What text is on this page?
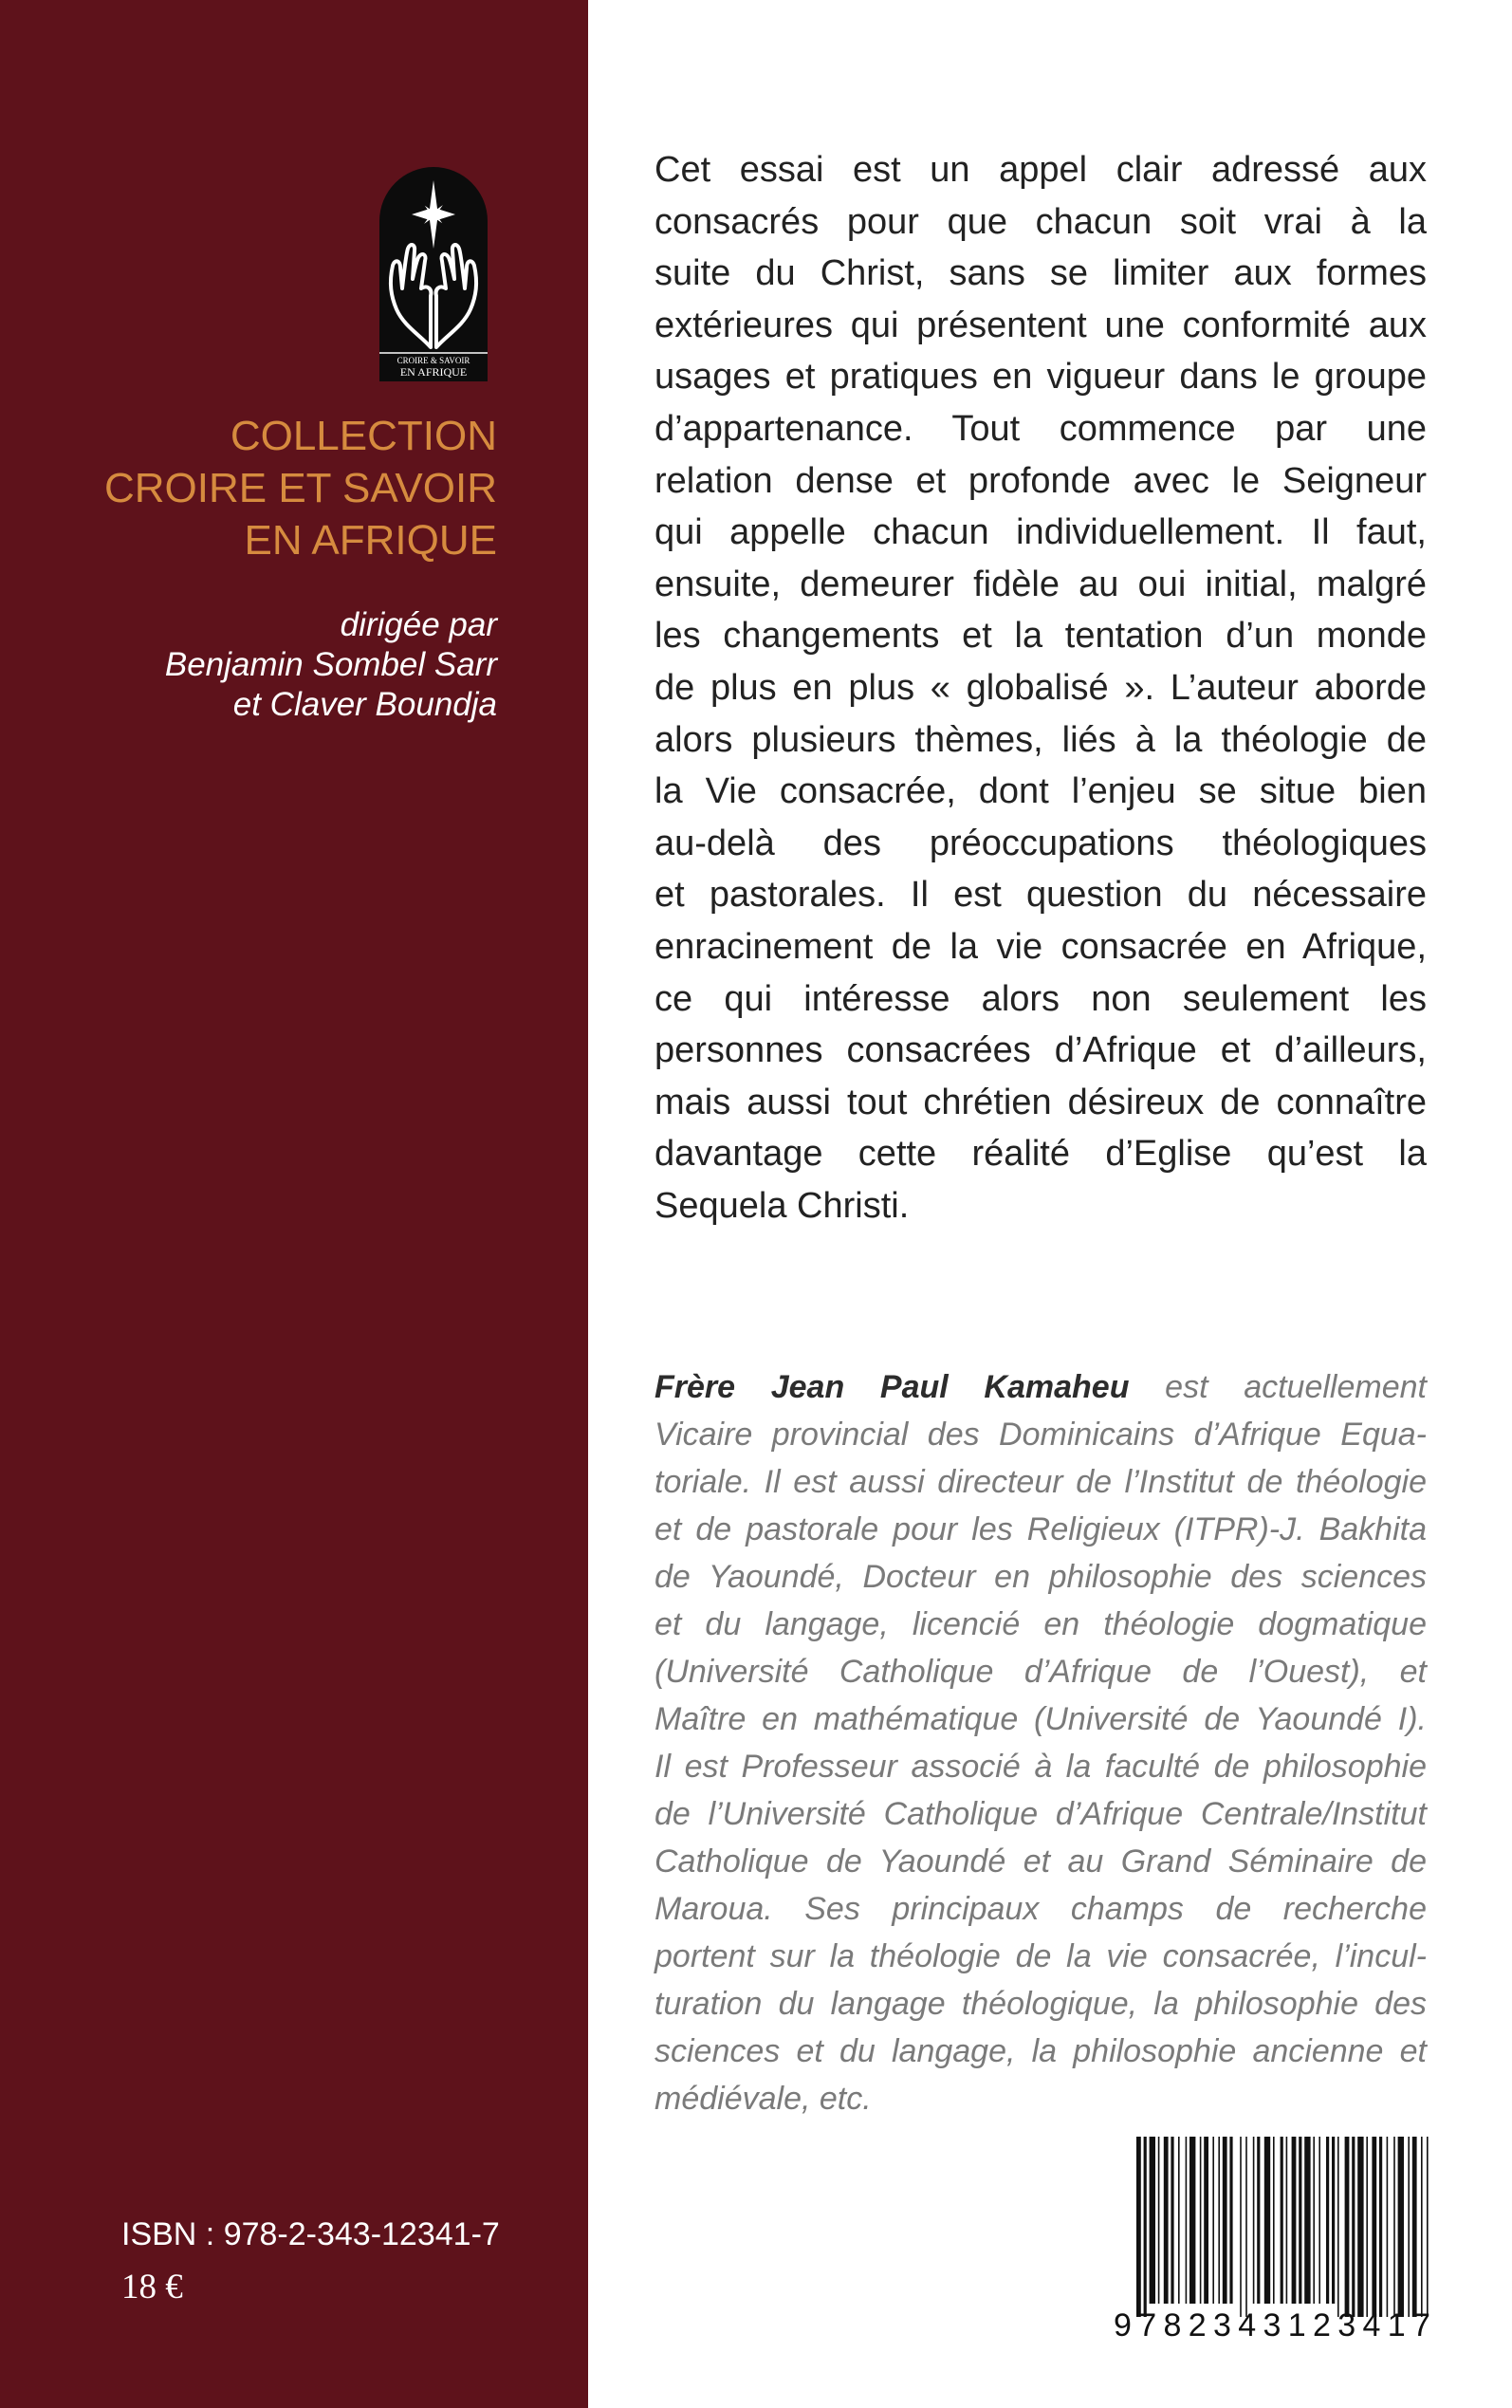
CROIRE & SAVOIR
EN AFRIQUE
COLLECTION
CROIRE ET SAVOIR
EN AFRIQUE
dirigée par
Benjamin Sombel Sarr
et Claver Boundja
ISBN : 978-2-343-12341-7
18 €
Cet essai est un appel clair adressé aux
consacrés pour que chacun soit vrai à la
suite du Christ, sans se limiter aux formes
extérieures qui présentent une conformité aux
usages et pratiques en vigueur dans le groupe
d’appartenance. Tout commence par une
relation dense et profonde avec le Seigneur
qui appelle chacun individuellement. Il faut,
ensuite, demeurer fidèle au oui initial, malgré
les changements et la tentation d’un monde
de plus en plus « globalisé ». L’auteur aborde
alors plusieurs thèmes, liés à la théologie de
la Vie consacrée, dont l’enjeu se situe bien
au-delà des préoccupations théologiques
et pastorales. Il est question du nécessaire
enracinement de la vie consacrée en Afrique,
ce qui intéresse alors non seulement les
personnes consacrées d’Afrique et d’ailleurs,
mais aussi tout chrétien désireux de connaître
davantage cette réalité d’Eglise qu’est la
Sequela Christi.
Frère Jean Paul Kamaheu est actuellement
Vicaire provincial des Dominicains d’Afrique Equa-
toriale. Il est aussi directeur de l’Institut de théologie
et de pastorale pour les Religieux (ITPR)-J. Bakhita
de Yaoundé, Docteur en philosophie des sciences
et du langage, licencié en théologie dogmatique
(Université Catholique d’Afrique de l’Ouest), et
Maître en mathématique (Université de Yaoundé I).
Il est Professeur associé à la faculté de philosophie
de l’Université Catholique d’Afrique Centrale/Institut
Catholique de Yaoundé et au Grand Séminaire de
Maroua. Ses principaux champs de recherche
portent sur la théologie de la vie consacrée, l’incul-
turation du langage théologique, la philosophie des
sciences et du langage, la philosophie ancienne et
médiévale, etc.
9 7 8 2 3 4 3 1 2 3 4 1 7
